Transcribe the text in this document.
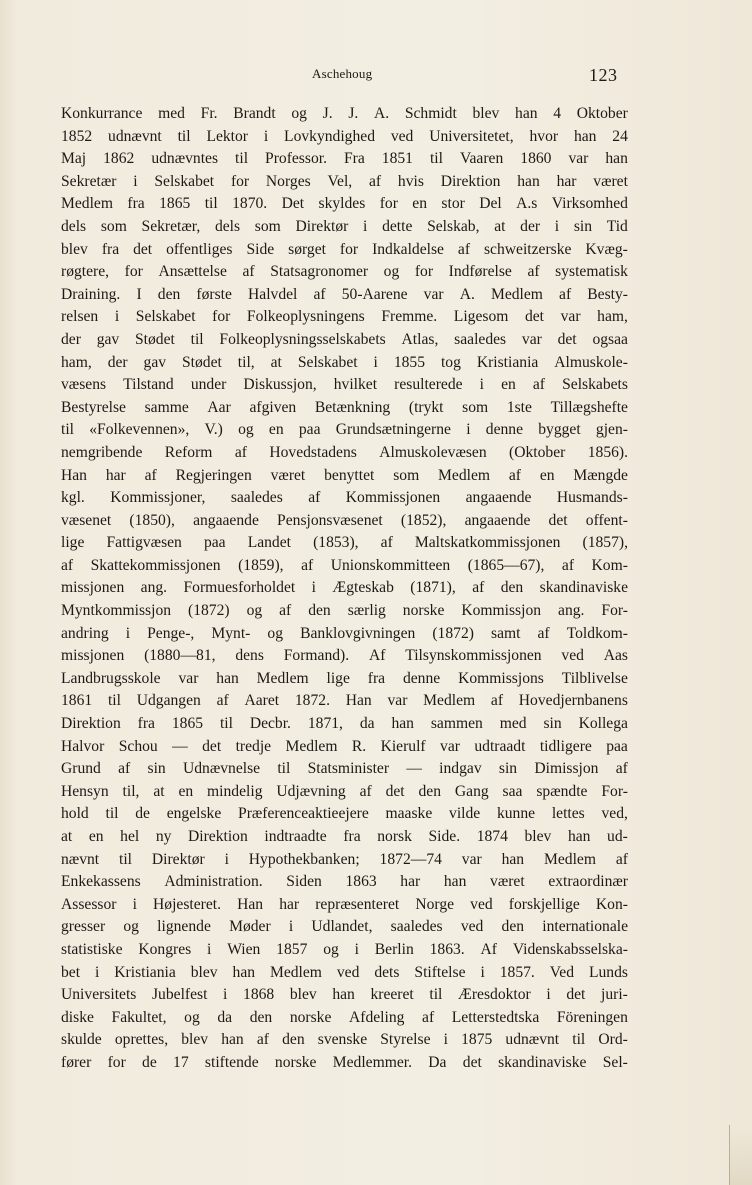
Aschehoug	123
Konkurrance med Fr. Brandt og J. J. A. Schmidt blev han 4 Oktober
1852 udnævnt til Lektor i Lovkyndighed ved Universitetet, hvor han 24
Maj 1862 udnævntes til Professor. Fra 1851 til Vaaren 1860 var han
Sekretær i Selskabet for Norges Vel, af hvis Direktion han har været
Medlem fra 1865 til 1870. Det skyldes for en stor Del A.s Virksomhed
dels som Sekretær, dels som Direktør i dette Selskab, at der i sin Tid
blev fra det offentliges Side sørget for Indkaldelse af schweitzerske Kvæg-
røgtere, for Ansættelse af Statsagronomer og for Indførelse af systematisk
Draining. I den første Halvdel af 50-Aarene var A. Medlem af Besty-
relsen i Selskabet for Folkeoplysningens Fremme. Ligesom det var ham,
der gav Stødet til Folkeoplysningsselskabets Atlas, saaledes var det ogsaa
ham, der gav Stødet til, at Selskabet i 1855 tog Kristiania Almuskole-
væsens Tilstand under Diskussjon, hvilket resulterede i en af Selskabets
Bestyrelse samme Aar afgiven Betænkning (trykt som 1ste Tillægshefte
til «Folkevennen», V.) og en paa Grundsætningerne i denne bygget gjen-
nemgribende Reform af Hovedstadens Almuskolevæsen (Oktober 1856).
Han har af Regjeringen været benyttet som Medlem af en Mængde
kgl. Kommissjoner, saaledes af Kommissjonen angaaende Husmands-
væsenet (1850), angaaende Pensjonsvæsenet (1852), angaaende det offent-
lige Fattigvæsen paa Landet (1853), af Maltskatkommissjonen (1857),
af Skattekommissjonen (1859), af Unionskommitteen (1865—67), af Kom-
missjonen ang. Formuesforholdet i Ægteskab (1871), af den skandinaviske
Myntkommissjon (1872) og af den særlig norske Kommissjon ang. For-
andring i Penge-, Mynt- og Banklovgivningen (1872) samt af Toldkom-
missjonen (1880—81, dens Formand). Af Tilsynskommissjonen ved Aas
Landbrugsskole var han Medlem lige fra denne Kommissjons Tilblivelse
1861 til Udgangen af Aaret 1872. Han var Medlem af Hovedjernbanens
Direktion fra 1865 til Decbr. 1871, da han sammen med sin Kollega
Halvor Schou — det tredje Medlem R. Kierulf var udtraadt tidligere paa
Grund af sin Udnævnelse til Statsminister — indgav sin Dimissjon af
Hensyn til, at en mindelig Udjævning af det den Gang saa spændte For-
hold til de engelske Præferenceaktieejere maaske vilde kunne lettes ved,
at en hel ny Direktion indtraadte fra norsk Side. 1874 blev han ud-
nævnt til Direktør i Hypothekbanken; 1872—74 var han Medlem af
Enkekassens Administration. Siden 1863 har han været extraordinær
Assessor i Højesteret. Han har repræsenteret Norge ved forskjellige Kon-
gresser og lignende Møder i Udlandet, saaledes ved den internationale
statistiske Kongres i Wien 1857 og i Berlin 1863. Af Videnskabsselska-
bet i Kristiania blev han Medlem ved dets Stiftelse i 1857. Ved Lunds
Universitets Jubelfest i 1868 blev han kreeret til Æresdoktor i det juri-
diske Fakultet, og da den norske Afdeling af Letterstedtska Föreningen
skulde oprettes, blev han af den svenske Styrelse i 1875 udnævnt til Ord-
fører for de 17 stiftende norske Medlemmer. Da det skandinaviske Sel-
